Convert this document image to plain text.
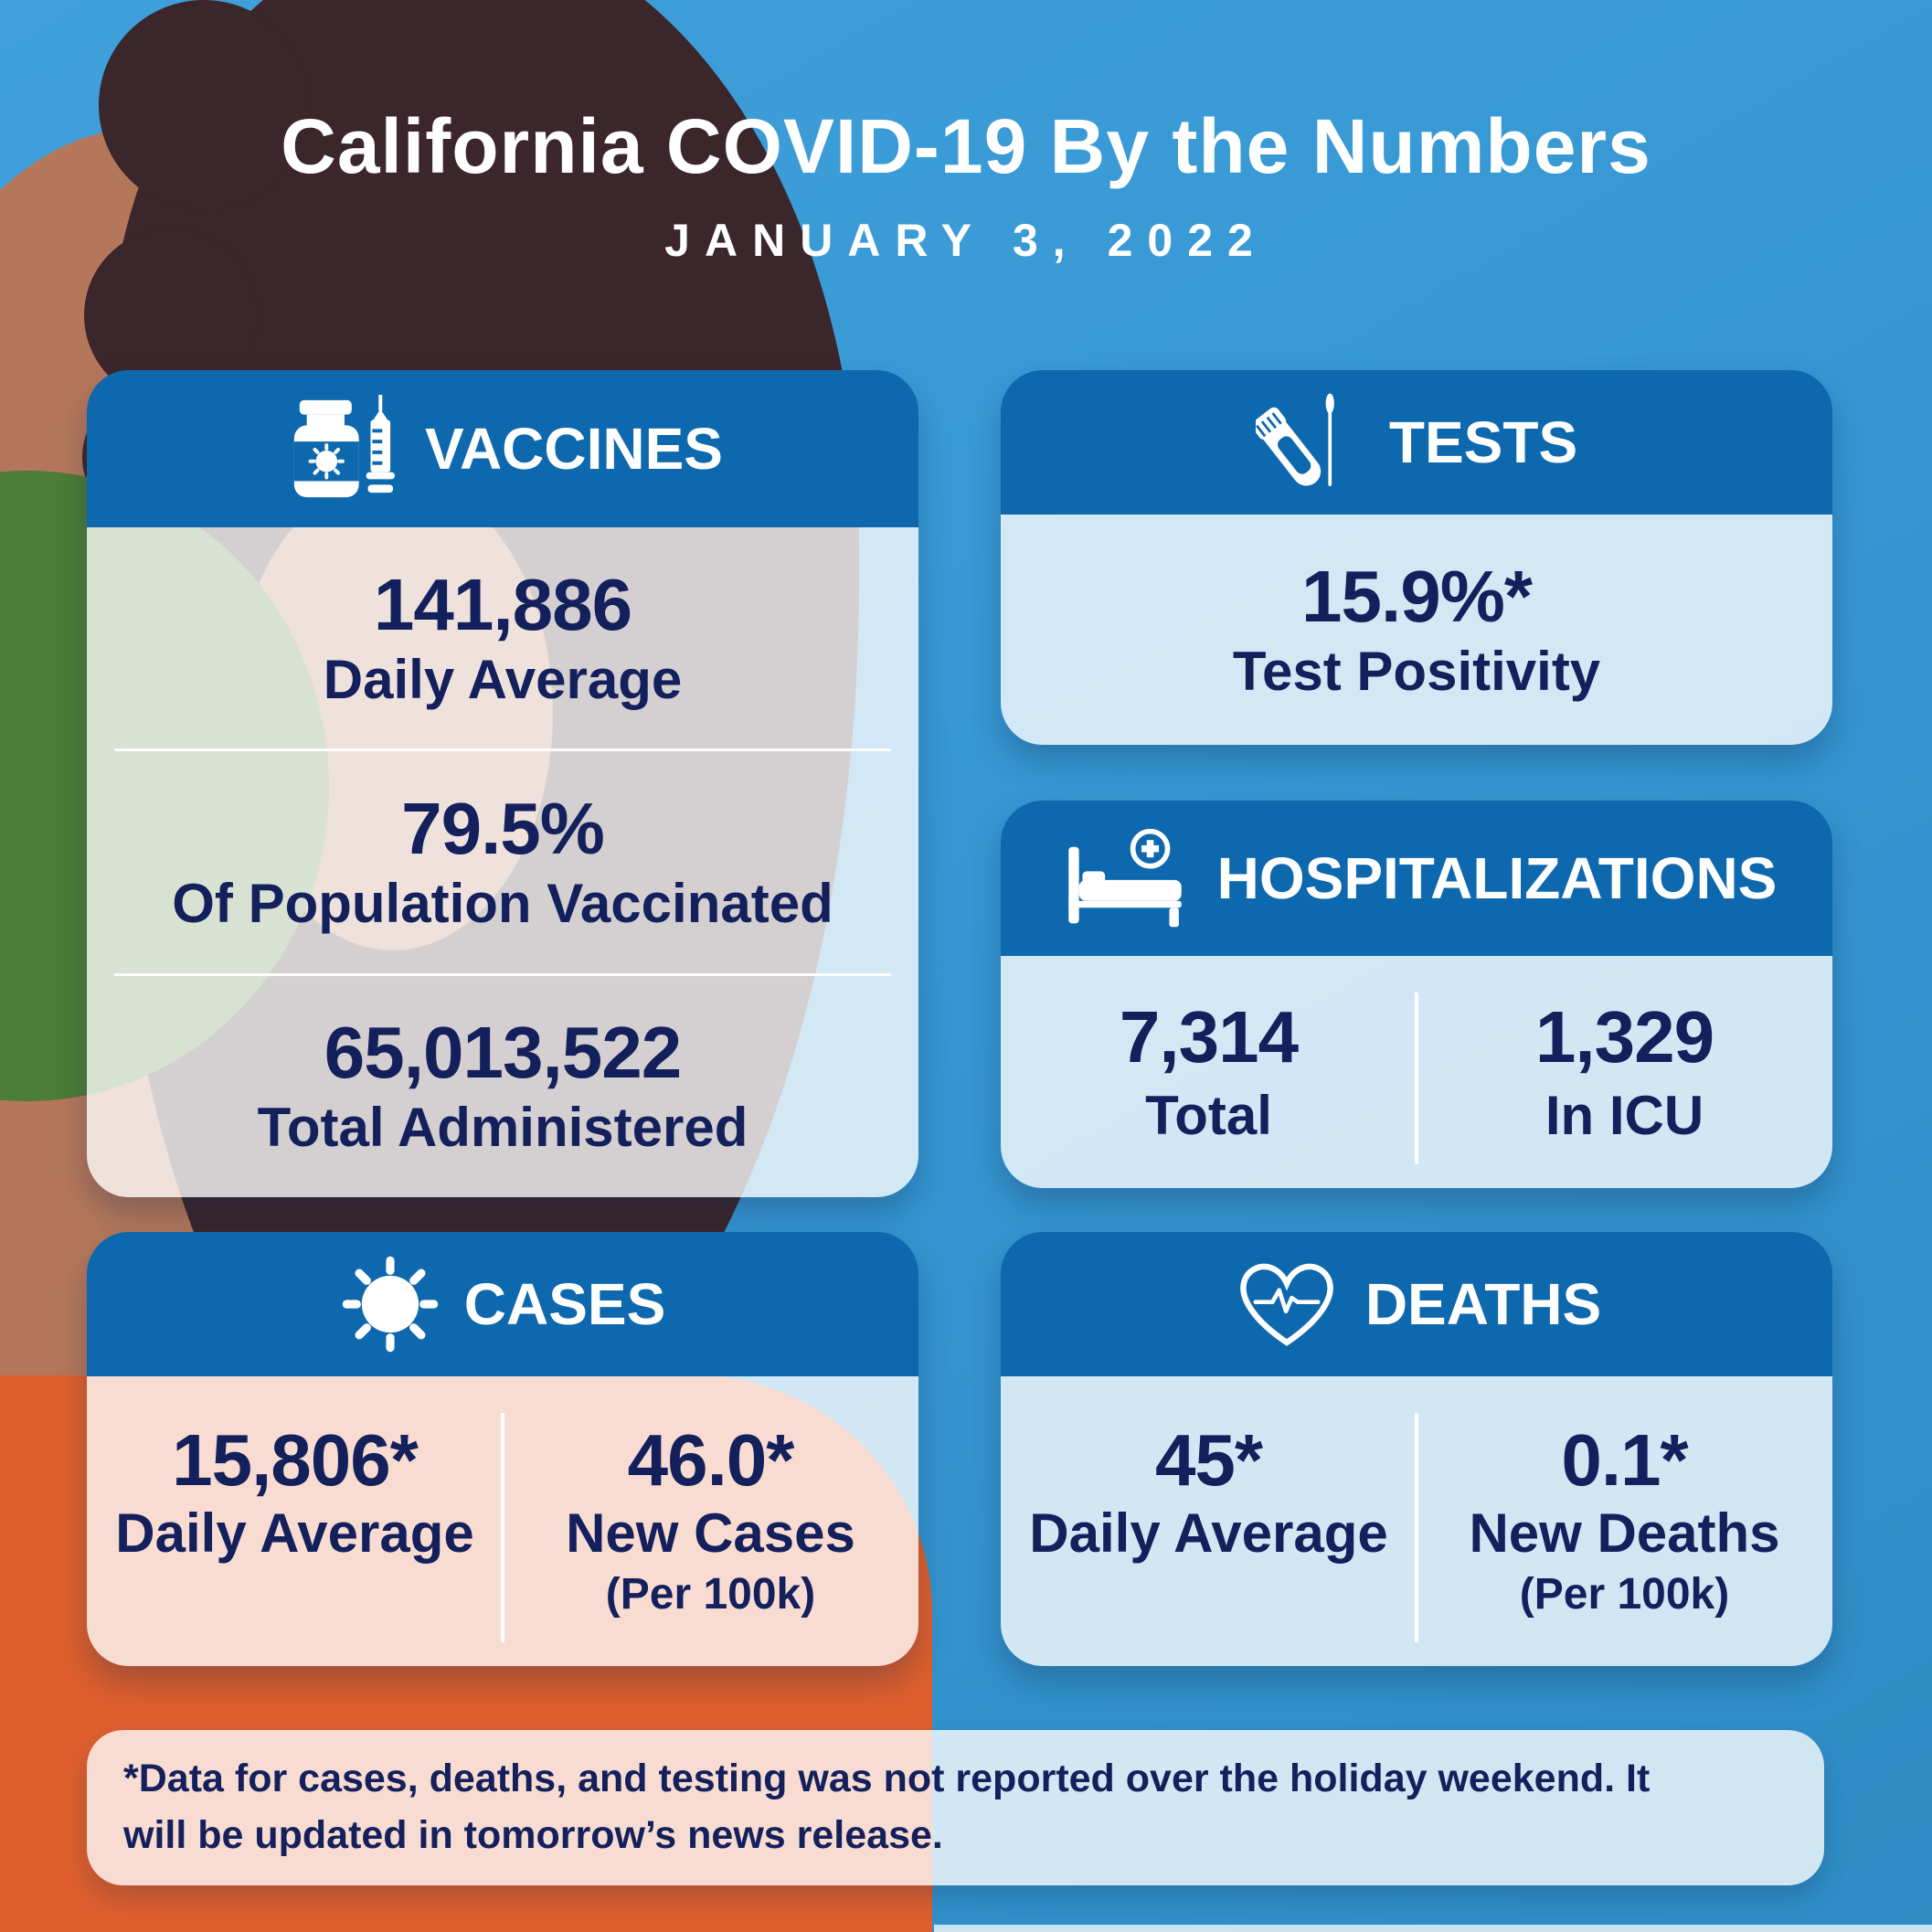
California COVID-19 By the Numbers
JANUARY 3, 2022
VACCINES
141,886
Daily Average
79.5%
Of Population Vaccinated
65,013,522
Total Administered
TESTS
15.9%*
Test Positivity
HOSPITALIZATIONS
7,314
Total
1,329
In ICU
CASES
15,806*
Daily Average
46.0*
New Cases
(Per 100k)
DEATHS
45*
Daily Average
0.1*
New Deaths
(Per 100k)
*Data for cases, deaths, and testing was not reported over the holiday weekend. It will be updated in tomorrow’s news release.
